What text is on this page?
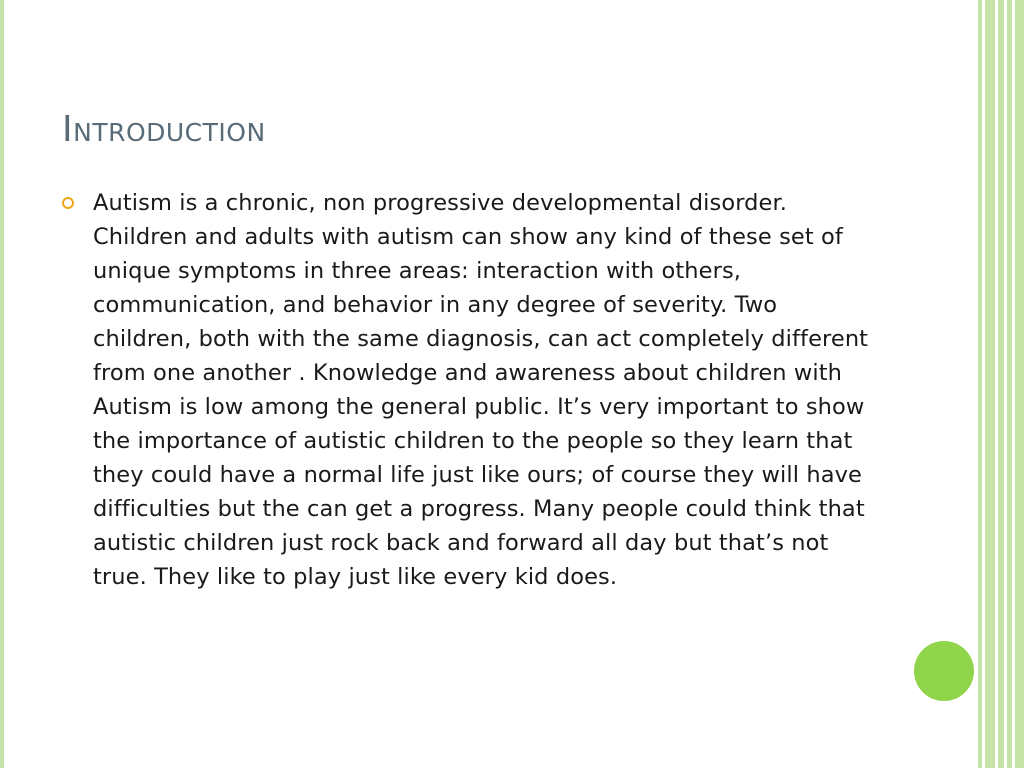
Introduction

Autism is a chronic, non progressive developmental disorder. Children and adults with autism can show any kind of these set of unique symptoms in three areas: interaction with others, communication, and behavior in any degree of severity. Two children, both with the same diagnosis, can act completely different from one another . Knowledge and awareness about children with Autism is low among the general public. It’s very important to show the importance of autistic children to the people so they learn that they could have a normal life just like ours; of course they will have difficulties but the can get a progress. Many people could think that autistic children just rock back and forward all day but that’s not true. They like to play just like every kid does.
